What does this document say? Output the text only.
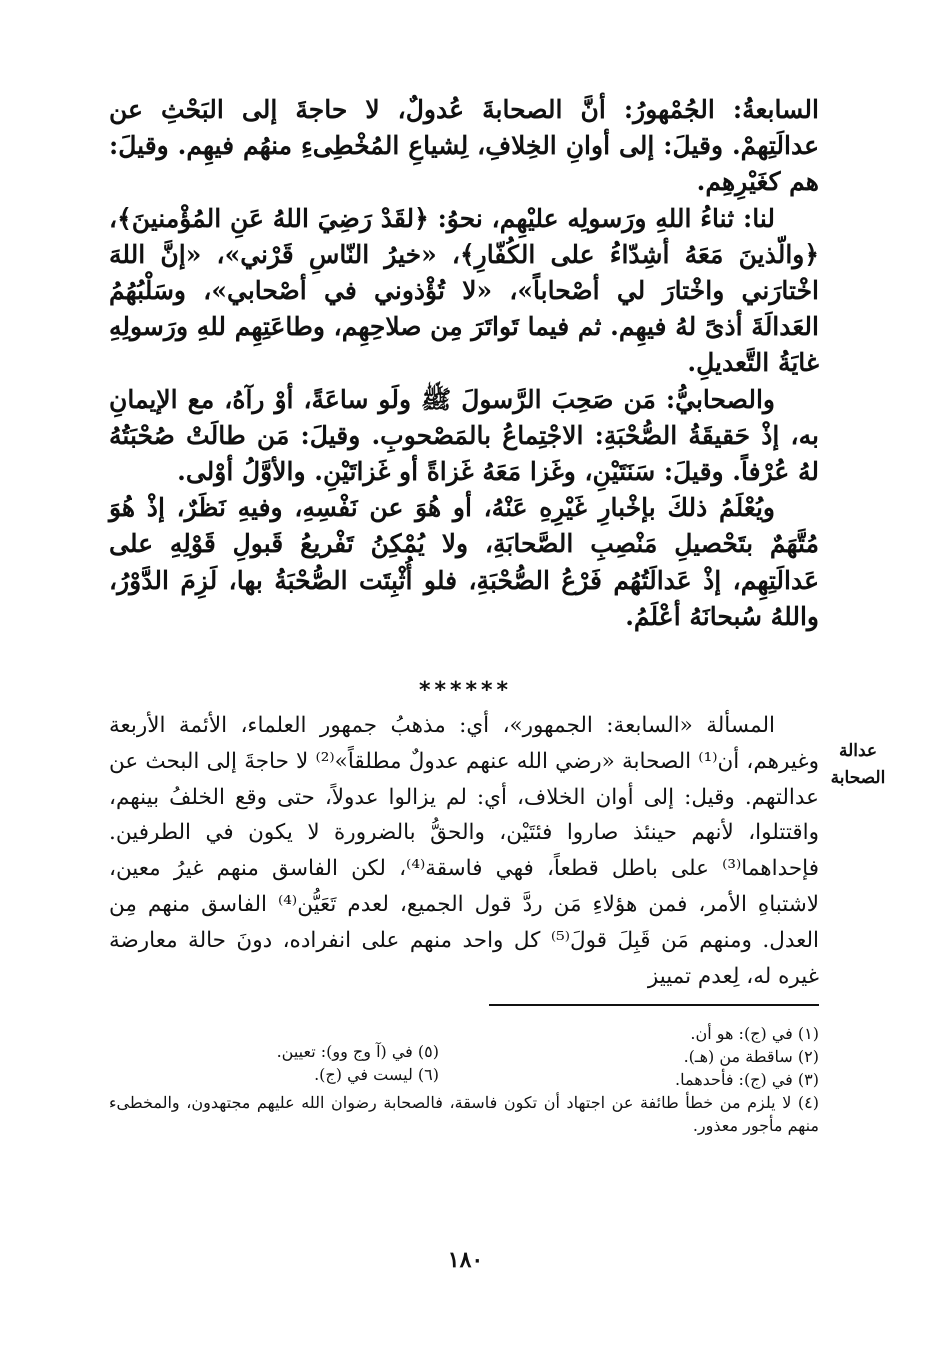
السابعةُ: الجُمْهورُ: أنَّ الصحابةَ عُدولٌ، لا حاجةَ إلى البَحْثِ عن عدالَتِهمْ. وقيلَ: إلى أوانِ الخِلافِ، لِشياعِ المُخْطِىءِ منهُم فيهِم. وقيلَ: هم كغَيْرِهِم.

لنا: ثناءُ اللهِ ورَسولِه عليْهِم، نحوُ: ﴿لقَدْ رَضِيَ اللهُ عَنِ المُؤْمنينَ﴾، ﴿والّذينَ مَعَهُ أشِدّاءُ على الكُفّارِ﴾، «خيرُ النّاسِ قَرْني»، «إنَّ اللهَ اخْتارَني واخْتارَ لي أصْحاباً»، «لا تُؤْذوني في أصْحابي»، وسَلْبُهُمُ العَدالَةَ أذىً لهُ فيهِم. ثم فيما تَواتَرَ مِن صلاحِهِم، وطاعَتِهِم للهِ ورَسولِهِ غايَةُ التَّعديلِ.

والصحابيُّ: مَن صَحِبَ الرَّسولَ ﷺ ولَو ساعَةً، أوْ رآهُ، مع الإيمانِ به، إذْ حَقيقَةُ الصُّحْبَةِ: الاجْتِماعُ بالمَصْحوبِ. وقيلَ: مَن طالَتْ صُحْبَتُهُ لهُ عُرْفاً. وقيلَ: سَنَتَيْنِ، وغَزا مَعَهُ غَزاةً أو غَزاتَيْنِ. والأوَّلُ أوْلى.

ويُعْلَمُ ذلكَ بإخْبارِ غَيْرِهِ عَنْهُ، أو هُوَ عن نَفْسِهِ، وفيهِ نَظَرٌ، إذْ هُوَ مُتَّهَمٌ بتَحْصيلِ مَنْصِبِ الصَّحابَةِ، ولا يُمْكِنُ تَفْريعُ قَبولِ قَوْلِهِ على عَدالَتِهِم، إذْ عَدالَتُهُم فَرْعُ الصُّحْبَةِ، فلو أُثْبِتَت الصُّحْبَةُ بها، لَزِمَ الدَّوْرُ، واللهُ سُبحانَهُ أعْلَمُ.

******
عدالة
الصحابة

المسألة «السابعة: الجمهور»، أي: مذهبُ جمهور العلماء، الأئمة الأربعة وغيرهم، أن⁽¹⁾ الصحابة «رضي الله عنهم عدولٌ مطلقاً»⁽²⁾ لا حاجةَ إلى البحث عن عدالتهم. وقيل: إلى أوان الخلاف، أي: لم يزالوا عدولاً، حتى وقع الخلفُ بينهم، واقتتلوا، لأنهم حينئذ صاروا فئتَيْن، والحقُّ بالضرورة لا يكون في الطرفين. فإحداهما⁽³⁾ على باطل قطعاً، فهي فاسقة⁽⁴⁾، لكن الفاسق منهم غيرُ معين، لاشتباهِ الأمر، فمن هؤلاءِ مَن ردَّ قول الجميع، لعدم تَعَيُّن⁽⁴⁾ الفاسق منهم مِن العدل. ومنهم مَن قَبِلَ قولَ⁽⁵⁾ كل واحد منهم على انفراده، دونَ حالة معارضة غيره له، لِعدم تمييز

(١) في (ج): هو أن.

(٢) ساقطة من (هـ).

(٣) في (ج): فأحدهما.

(٥) في (آ وج وو): تعيين.

(٦) ليست في (ج).

(٤) لا يلزم من خطأ طائفة عن اجتهاد أن تكون فاسقة، فالصحابة رضوان الله عليهم مجتهدون، والمخطىء منهم مأجور معذور.

١٨٠
